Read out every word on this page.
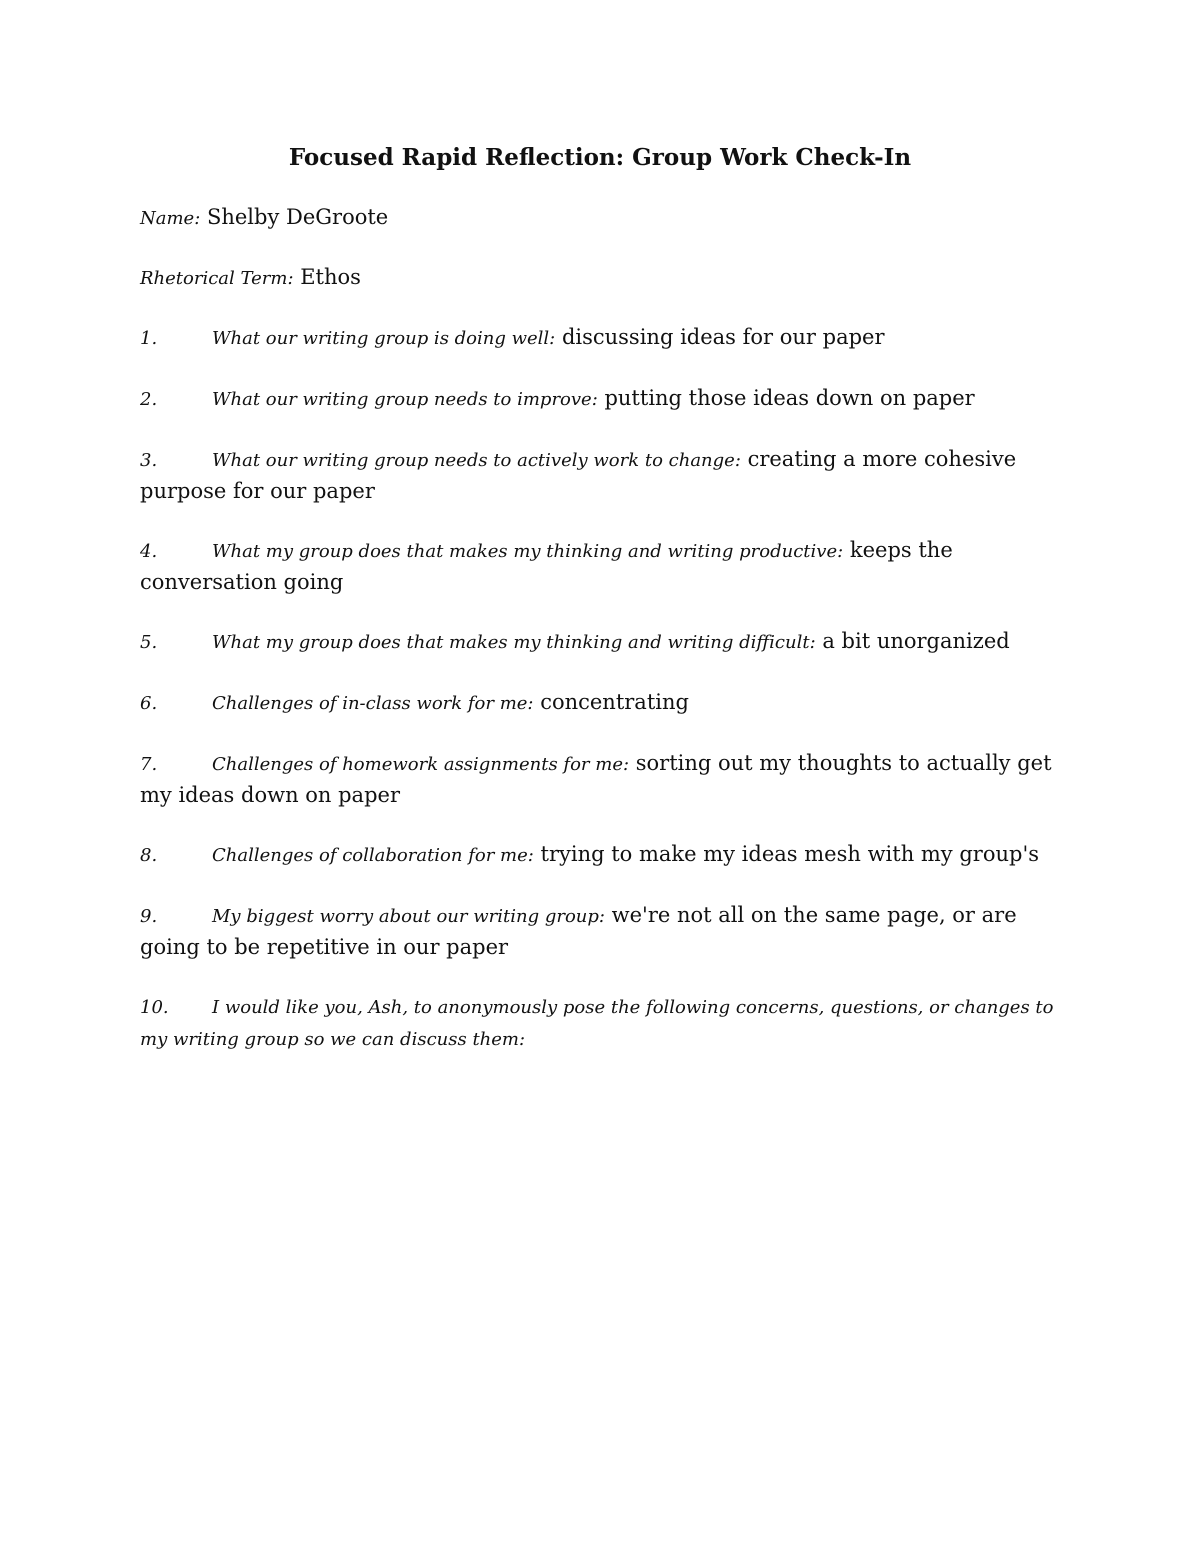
Focused Rapid Reflection: Group Work Check-In
Name: Shelby DeGroote
Rhetorical Term: Ethos
1.	What our writing group is doing well: discussing ideas for our paper
2.	What our writing group needs to improve: putting those ideas down on paper
3.	What our writing group needs to actively work to change: creating a more cohesive purpose for our paper
4.	What my group does that makes my thinking and writing productive: keeps the conversation going
5.	What my group does that makes my thinking and writing difficult: a bit unorganized
6.	Challenges of in-class work for me: concentrating
7.	Challenges of homework assignments for me: sorting out my thoughts to actually get my ideas down on paper
8.	Challenges of collaboration for me: trying to make my ideas mesh with my group's
9.	My biggest worry about our writing group: we're not all on the same page, or are going to be repetitive in our paper
10. I would like you, Ash, to anonymously pose the following concerns, questions, or changes to my writing group so we can discuss them:
